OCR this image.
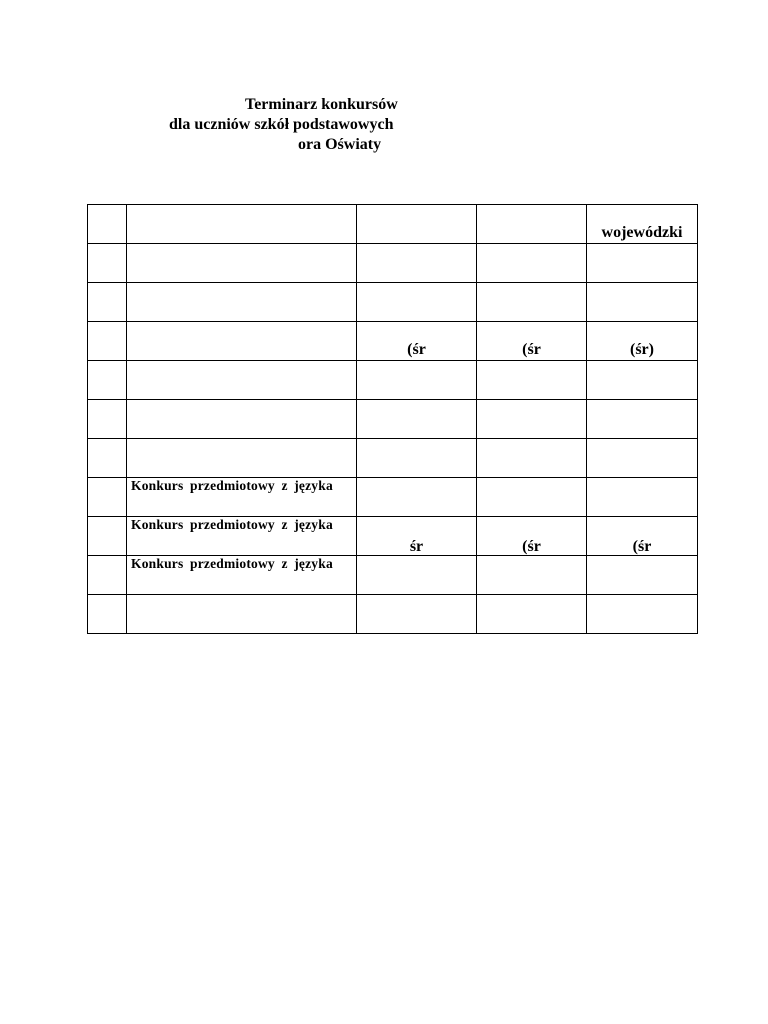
Terminarz konkursów
dla uczniów szkół podstawowych
ora Oświaty

				wojewódzki

		(śr	(śr	(śr)

	Konkurs przedmiotowy z języka			

	Konkurs przedmiotowy z języka	śr	(śr	(śr

	Konkurs przedmiotowy z języka			
